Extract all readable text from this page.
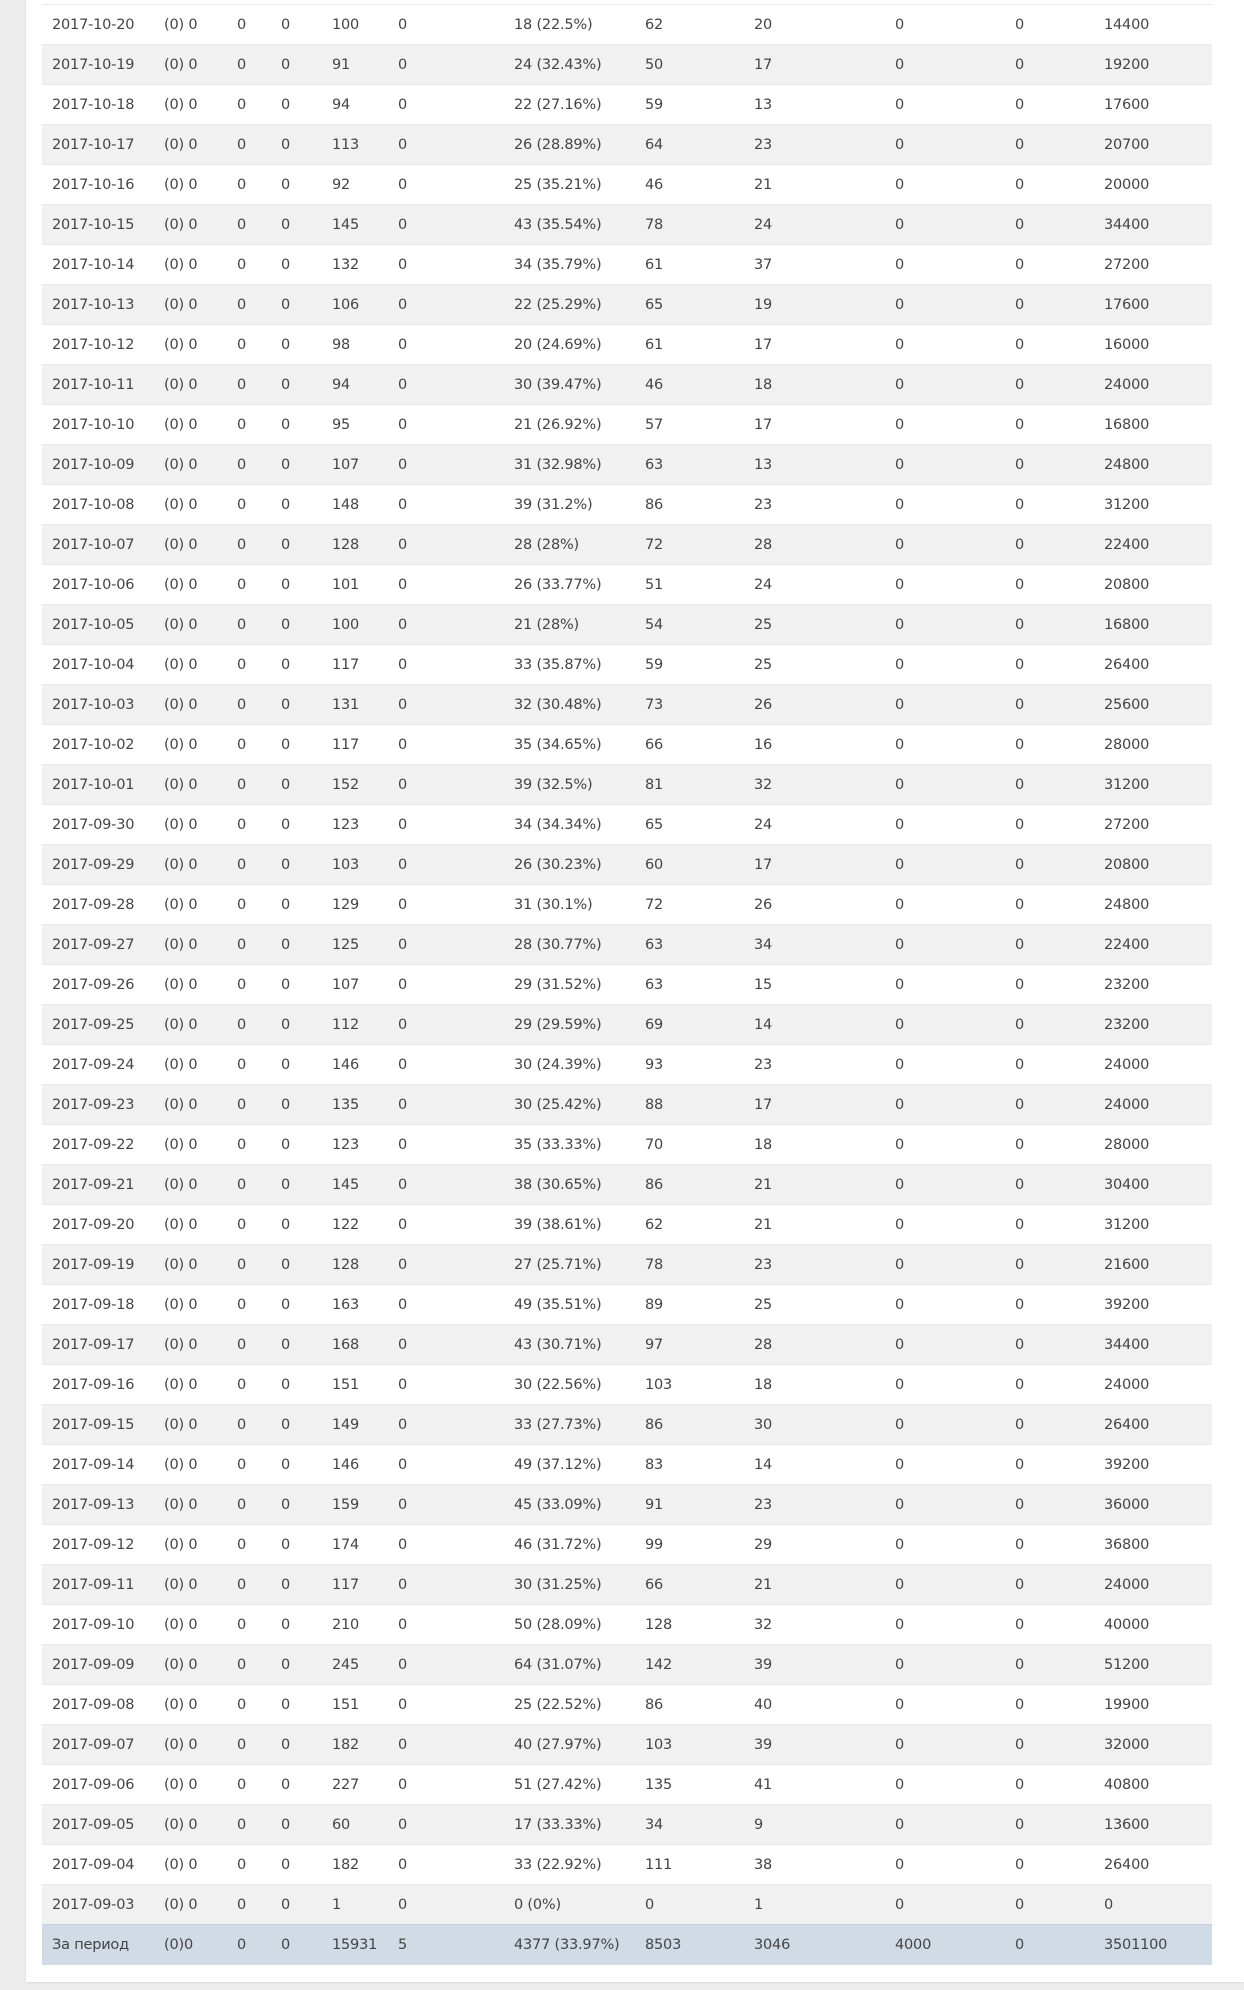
2017-10-20	(0) 0	0	0	100	0	18 (22.5%)	62	20	0	0	14400
2017-10-19	(0) 0	0	0	91	0	24 (32.43%)	50	17	0	0	19200
2017-10-18	(0) 0	0	0	94	0	22 (27.16%)	59	13	0	0	17600
2017-10-17	(0) 0	0	0	113	0	26 (28.89%)	64	23	0	0	20700
2017-10-16	(0) 0	0	0	92	0	25 (35.21%)	46	21	0	0	20000
2017-10-15	(0) 0	0	0	145	0	43 (35.54%)	78	24	0	0	34400
2017-10-14	(0) 0	0	0	132	0	34 (35.79%)	61	37	0	0	27200
2017-10-13	(0) 0	0	0	106	0	22 (25.29%)	65	19	0	0	17600
2017-10-12	(0) 0	0	0	98	0	20 (24.69%)	61	17	0	0	16000
2017-10-11	(0) 0	0	0	94	0	30 (39.47%)	46	18	0	0	24000
2017-10-10	(0) 0	0	0	95	0	21 (26.92%)	57	17	0	0	16800
2017-10-09	(0) 0	0	0	107	0	31 (32.98%)	63	13	0	0	24800
2017-10-08	(0) 0	0	0	148	0	39 (31.2%)	86	23	0	0	31200
2017-10-07	(0) 0	0	0	128	0	28 (28%)	72	28	0	0	22400
2017-10-06	(0) 0	0	0	101	0	26 (33.77%)	51	24	0	0	20800
2017-10-05	(0) 0	0	0	100	0	21 (28%)	54	25	0	0	16800
2017-10-04	(0) 0	0	0	117	0	33 (35.87%)	59	25	0	0	26400
2017-10-03	(0) 0	0	0	131	0	32 (30.48%)	73	26	0	0	25600
2017-10-02	(0) 0	0	0	117	0	35 (34.65%)	66	16	0	0	28000
2017-10-01	(0) 0	0	0	152	0	39 (32.5%)	81	32	0	0	31200
2017-09-30	(0) 0	0	0	123	0	34 (34.34%)	65	24	0	0	27200
2017-09-29	(0) 0	0	0	103	0	26 (30.23%)	60	17	0	0	20800
2017-09-28	(0) 0	0	0	129	0	31 (30.1%)	72	26	0	0	24800
2017-09-27	(0) 0	0	0	125	0	28 (30.77%)	63	34	0	0	22400
2017-09-26	(0) 0	0	0	107	0	29 (31.52%)	63	15	0	0	23200
2017-09-25	(0) 0	0	0	112	0	29 (29.59%)	69	14	0	0	23200
2017-09-24	(0) 0	0	0	146	0	30 (24.39%)	93	23	0	0	24000
2017-09-23	(0) 0	0	0	135	0	30 (25.42%)	88	17	0	0	24000
2017-09-22	(0) 0	0	0	123	0	35 (33.33%)	70	18	0	0	28000
2017-09-21	(0) 0	0	0	145	0	38 (30.65%)	86	21	0	0	30400
2017-09-20	(0) 0	0	0	122	0	39 (38.61%)	62	21	0	0	31200
2017-09-19	(0) 0	0	0	128	0	27 (25.71%)	78	23	0	0	21600
2017-09-18	(0) 0	0	0	163	0	49 (35.51%)	89	25	0	0	39200
2017-09-17	(0) 0	0	0	168	0	43 (30.71%)	97	28	0	0	34400
2017-09-16	(0) 0	0	0	151	0	30 (22.56%)	103	18	0	0	24000
2017-09-15	(0) 0	0	0	149	0	33 (27.73%)	86	30	0	0	26400
2017-09-14	(0) 0	0	0	146	0	49 (37.12%)	83	14	0	0	39200
2017-09-13	(0) 0	0	0	159	0	45 (33.09%)	91	23	0	0	36000
2017-09-12	(0) 0	0	0	174	0	46 (31.72%)	99	29	0	0	36800
2017-09-11	(0) 0	0	0	117	0	30 (31.25%)	66	21	0	0	24000
2017-09-10	(0) 0	0	0	210	0	50 (28.09%)	128	32	0	0	40000
2017-09-09	(0) 0	0	0	245	0	64 (31.07%)	142	39	0	0	51200
2017-09-08	(0) 0	0	0	151	0	25 (22.52%)	86	40	0	0	19900
2017-09-07	(0) 0	0	0	182	0	40 (27.97%)	103	39	0	0	32000
2017-09-06	(0) 0	0	0	227	0	51 (27.42%)	135	41	0	0	40800
2017-09-05	(0) 0	0	0	60	0	17 (33.33%)	34	9	0	0	13600
2017-09-04	(0) 0	0	0	182	0	33 (22.92%)	111	38	0	0	26400
2017-09-03	(0) 0	0	0	1	0	0 (0%)	0	1	0	0	0
За период	(0)0	0	0	15931	5	4377 (33.97%)	8503	3046	4000	0	3501100
